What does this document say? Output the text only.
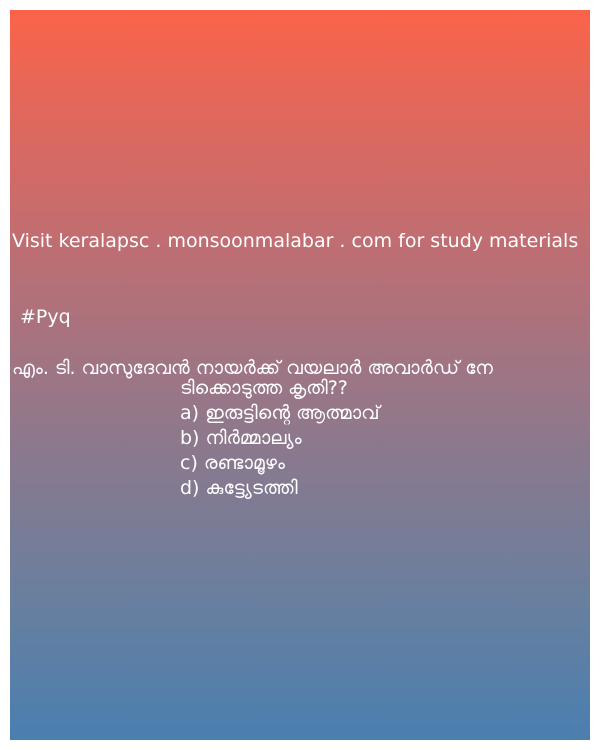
Visit keralapsc . monsoonmalabar . com for study materials

#Pyq

എം. ടി. വാസുദേവൻ നായർക്ക് വയലാർ അവാർഡ് നേ

ടിക്കൊടുത്ത കൃതി??

a) ഇരുട്ടിന്റെ ആത്മാവ്
b) നിർമ്മാല്യം
c) രണ്ടാമൂഴം
d) കുട്ട്യേടത്തി
